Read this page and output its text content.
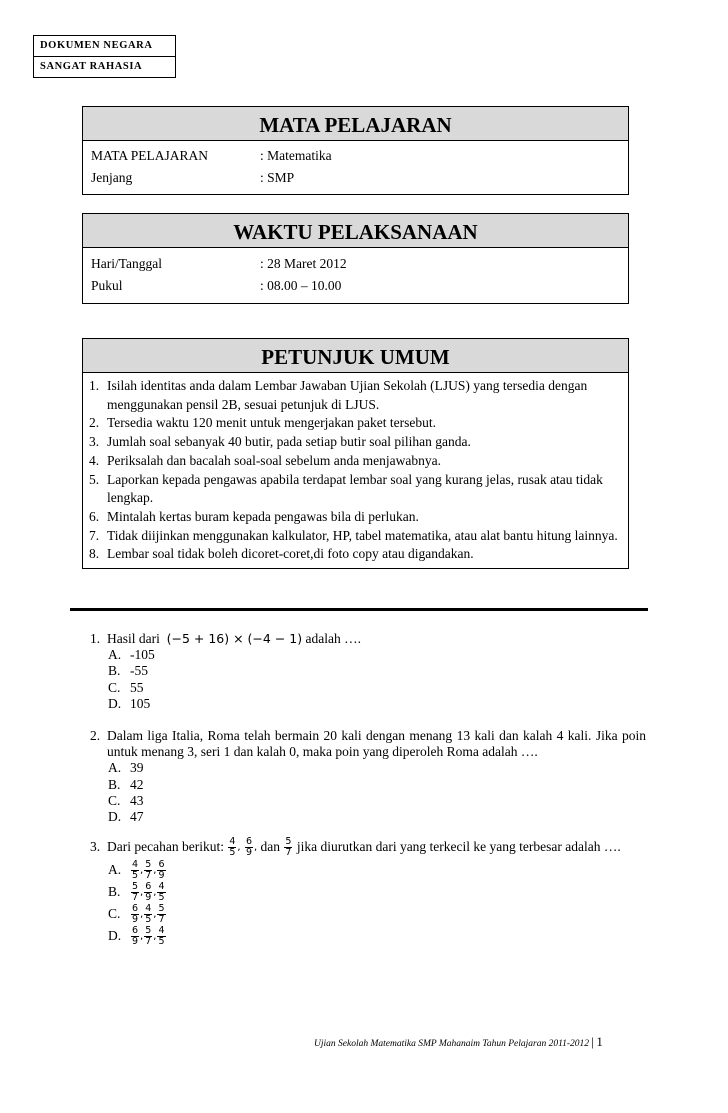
DOKUMEN NEGARA
SANGAT RAHASIA
MATA PELAJARAN
MATA PELAJARAN	: Matematika
Jenjang	: SMP
WAKTU PELAKSANAAN
Hari/Tanggal	: 28 Maret 2012
Pukul	: 08.00 – 10.00
PETUNJUK UMUM
1. Isilah identitas anda dalam Lembar Jawaban Ujian Sekolah (LJUS) yang tersedia dengan menggunakan pensil 2B, sesuai petunjuk di LJUS.
2. Tersedia waktu 120 menit untuk mengerjakan paket tersebut.
3. Jumlah soal sebanyak 40 butir, pada setiap butir soal pilihan ganda.
4. Periksalah dan bacalah soal-soal sebelum anda menjawabnya.
5. Laporkan kepada pengawas apabila terdapat lembar soal yang kurang jelas, rusak atau tidak lengkap.
6. Mintalah kertas buram kepada pengawas bila di perlukan.
7. Tidak diijinkan menggunakan kalkulator, HP, tabel matematika, atau alat bantu hitung lainnya.
8. Lembar soal tidak boleh dicoret-coret,di foto copy atau digandakan.
1. Hasil dari (−5 + 16) × (−4 − 1) adalah ….
A. -105
B. -55
C. 55
D. 105
2. Dalam liga Italia, Roma telah bermain 20 kali dengan menang 13 kali dan kalah 4 kali. Jika poin untuk menang 3, seri 1 dan kalah 0, maka poin yang diperoleh Roma adalah ….
A. 39
B. 42
C. 43
D. 47
3. Dari pecahan berikut: $\frac{4}{5}$ , $\frac{6}{9}$ , dan $\frac{5}{7}$ jika diurutkan dari yang terkecil ke yang terbesar adalah ….
A. $\frac{4}{5}$ , $\frac{5}{7}$ , $\frac{6}{9}$
B. $\frac{5}{7}$ , $\frac{6}{9}$ , $\frac{4}{5}$
C. $\frac{6}{9}$ , $\frac{4}{5}$ , $\frac{5}{7}$
D. $\frac{6}{9}$ , $\frac{5}{7}$ , $\frac{4}{5}$
Ujian Sekolah Matematika SMP Mahanaim Tahun Pelajaran 2011-2012 | 1
